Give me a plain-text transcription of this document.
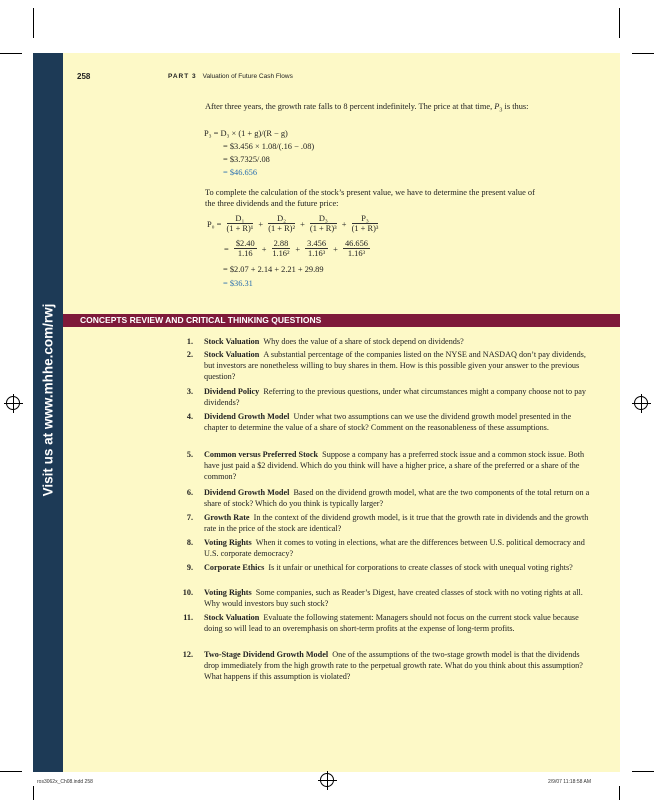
Visit us at www.mhhe.com/rwj
258	PART 3 Valuation of Future Cash Flows
After three years, the growth rate falls to 8 percent indefinitely. The price at that time, $P_3$ is thus:
P₃ = D₃ × (1 + g)/(R − g)
= $3.456 × 1.08/(.16 − .08)
= $3.7325/.08
= $46.656
To complete the calculation of the stock’s present value, we have to determine the present value of the three dividends and the future price:
$P_0 = \frac{\text{D₁}}{\text{(1 + R)¹}} + \frac{\text{D₂}}{\text{(1 + R)²}} + \frac{\text{D₃}}{\text{(1 + R)³}} + \frac{\text{P₃}}{\text{(1 + R)³}}$
= $\frac{\$2.40}{1.16} + \frac{2.88}{\text{1.16²}} + \frac{3.456}{\text{1.16³}} + \frac{46.656}{\text{1.16³}}$
= $2.07 + 2.14 + 2.21 + 29.89
= $36.31
CONCEPTS REVIEW AND CRITICAL THINKING QUESTIONS
1. Stock Valuation  Why does the value of a share of stock depend on dividends?
2. Stock Valuation  A substantial percentage of the companies listed on the NYSE and NASDAQ don’t pay dividends, but investors are nonetheless willing to buy shares in them. How is this possible given your answer to the previous question?
3. Dividend Policy  Referring to the previous questions, under what circumstances might a company choose not to pay dividends?
4. Dividend Growth Model  Under what two assumptions can we use the dividend growth model presented in the chapter to determine the value of a share of stock? Comment on the reasonableness of these assumptions.
5. Common versus Preferred Stock  Suppose a company has a preferred stock issue and a common stock issue. Both have just paid a $2 dividend. Which do you think will have a higher price, a share of the preferred or a share of the common?
6. Dividend Growth Model  Based on the dividend growth model, what are the two components of the total return on a share of stock? Which do you think is typically larger?
7. Growth Rate  In the context of the dividend growth model, is it true that the growth rate in dividends and the growth rate in the price of the stock are identical?
8. Voting Rights  When it comes to voting in elections, what are the differences between U.S. political democracy and U.S. corporate democracy?
9. Corporate Ethics  Is it unfair or unethical for corporations to create classes of stock with unequal voting rights?
10. Voting Rights  Some companies, such as Reader’s Digest, have created classes of stock with no voting rights at all. Why would investors buy such stock?
11. Stock Valuation  Evaluate the following statement: Managers should not focus on the current stock value because doing so will lead to an overemphasis on short-term profits at the expense of long-term profits.
12. Two-Stage Dividend Growth Model  One of the assumptions of the two-stage growth model is that the dividends drop immediately from the high growth rate to the perpetual growth rate. What do you think about this assumption? What happens if this assumption is violated?
ros3062x_Ch08.indd 258	2/9/07 11:18:58 AM
